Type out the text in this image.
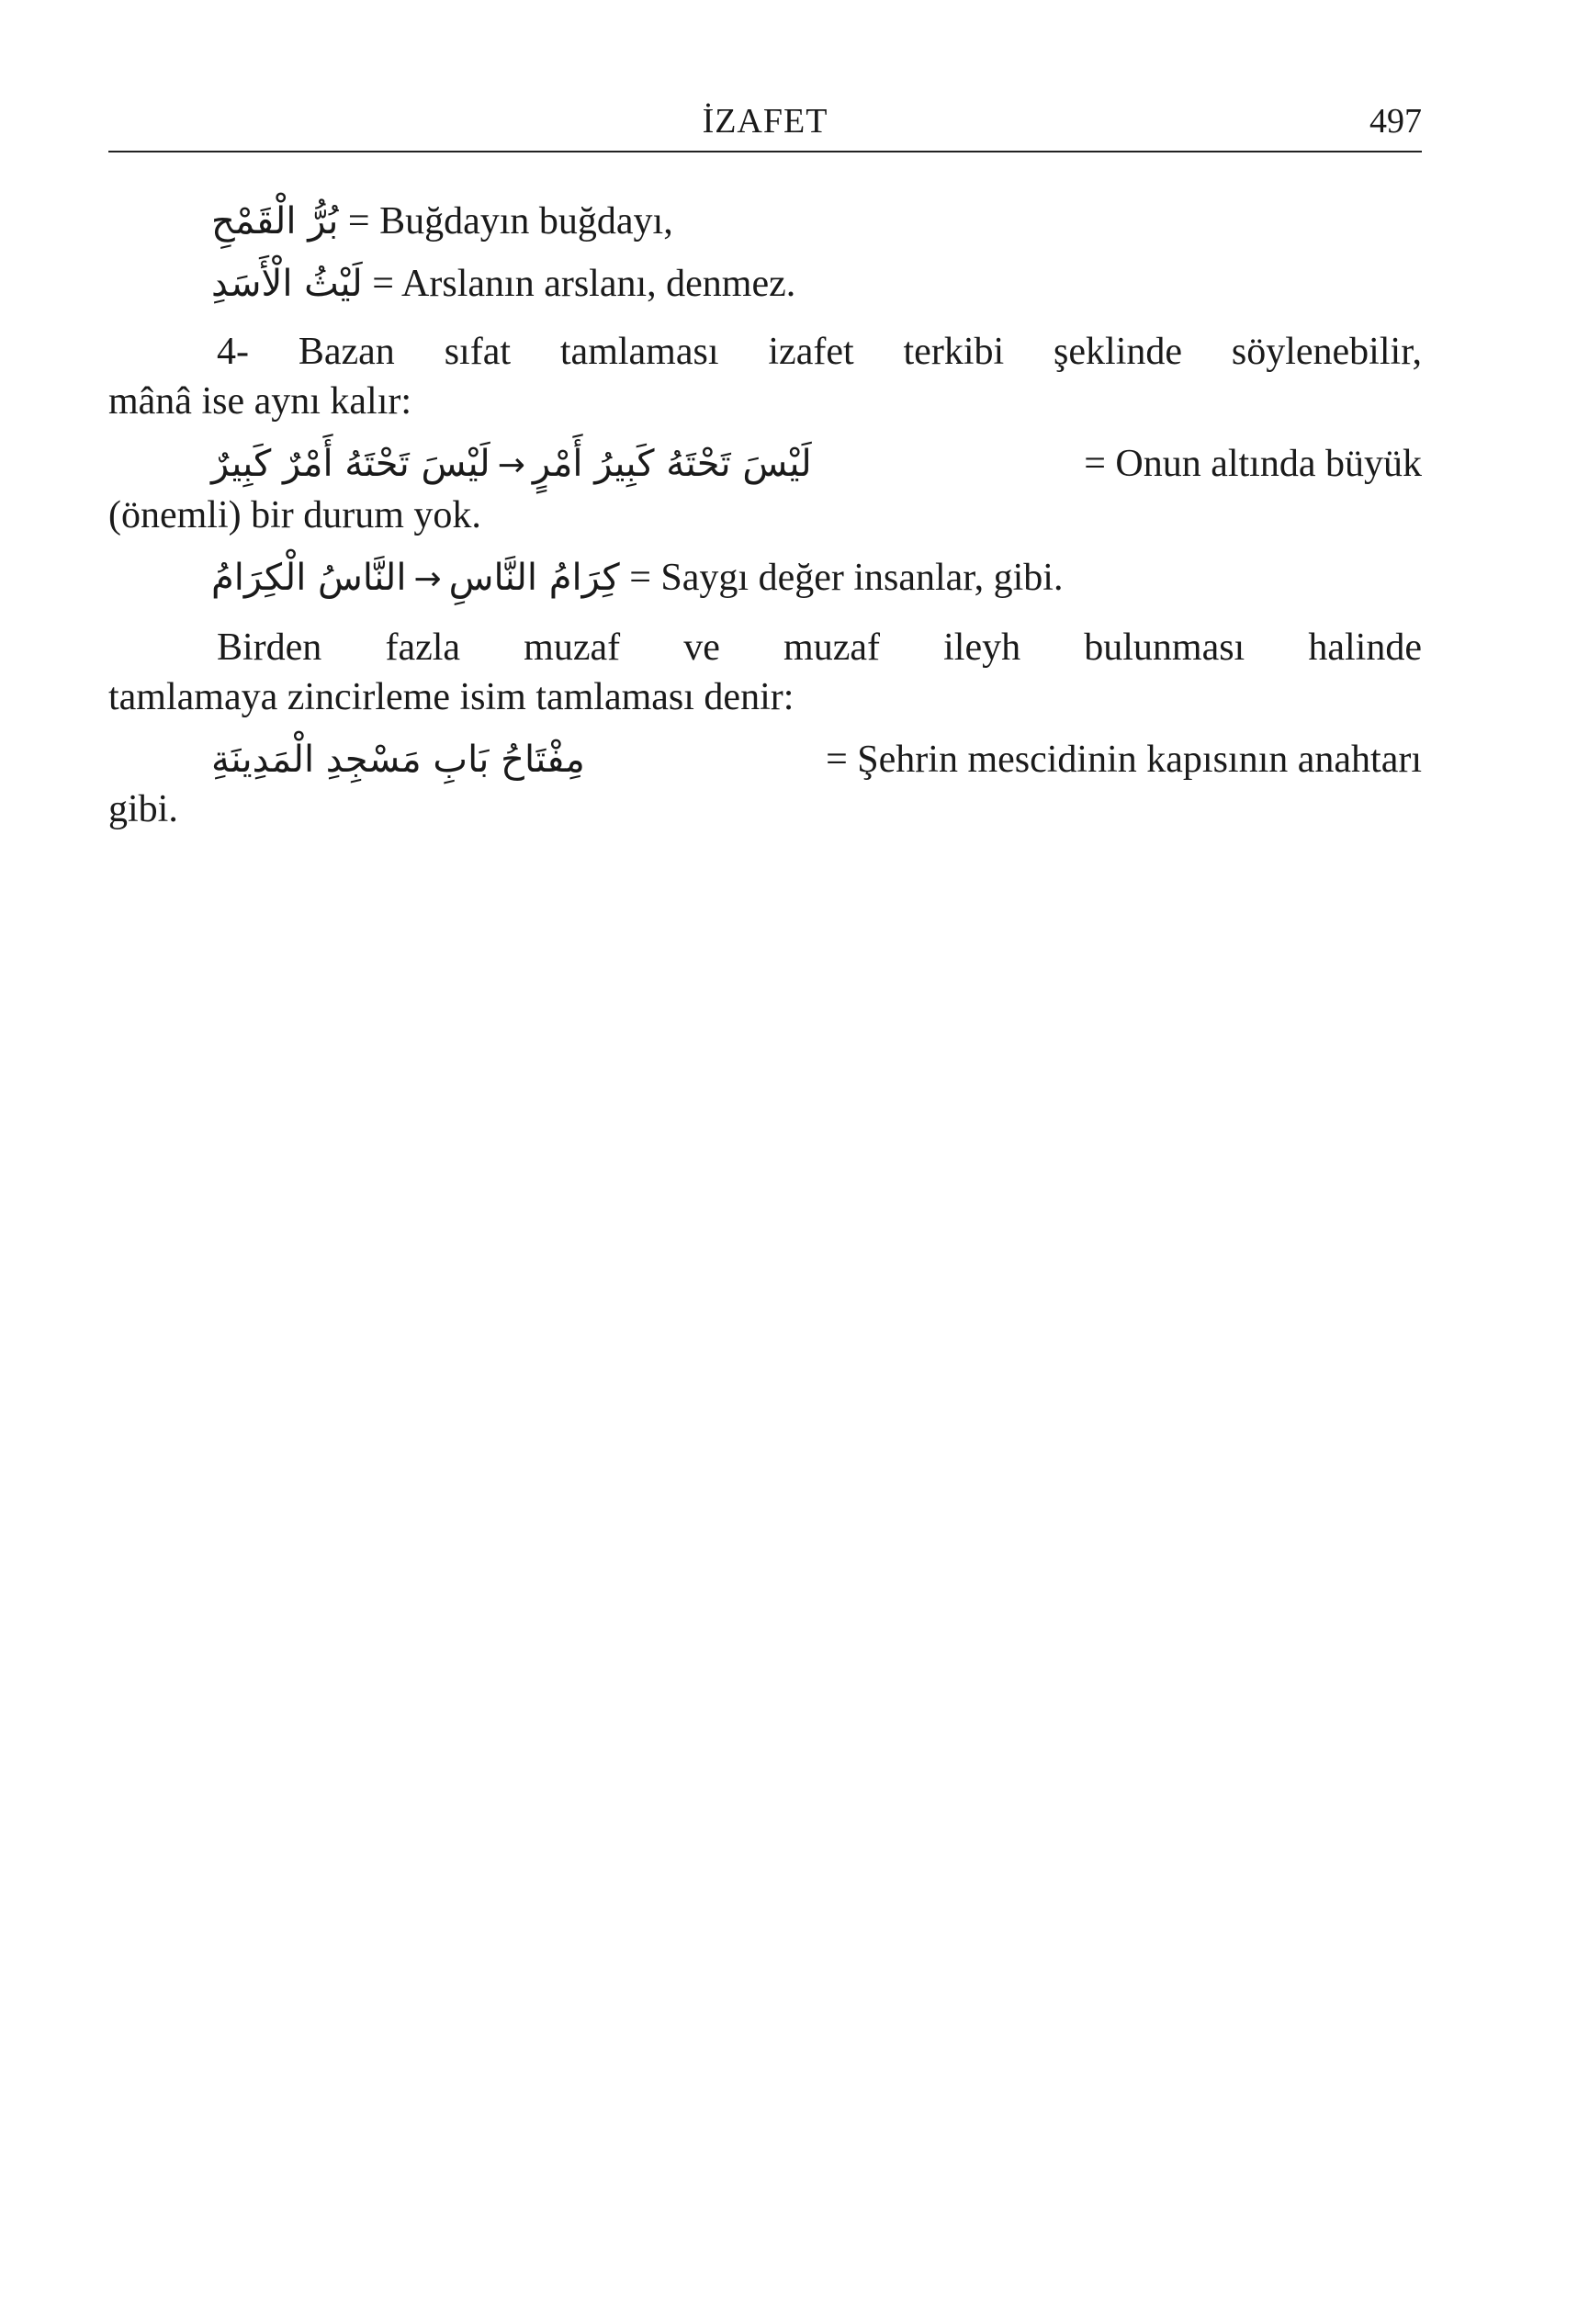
İZAFET	497
بُرُّ الْقَمْحِ = Buğdayın buğdayı,
لَيْثُ الْأَسَدِ = Arslanın arslanı, denmez.
4- Bazan sıfat tamlaması izafet terkibi şeklinde söylenebilir,
mânâ ise aynı kalır:
لَيْسَ تَحْتَهُ أَمْرٌ كَبِيرٌ → لَيْسَ تَحْتَهُ كَبِيرُ أَمْرٍ	= Onun altında büyük
(önemli) bir durum yok.
النَّاسُ الْكِرَامُ → كِرَامُ النَّاسِ = Saygı değer insanlar, gibi.
Birden fazla muzaf ve muzaf ileyh bulunması halinde
tamlamaya zincirleme isim tamlaması denir:
مِفْتَاحُ بَابِ مَسْجِدِ الْمَدِينَةِ	= Şehrin mescidinin kapısının anahtarı
gibi.
